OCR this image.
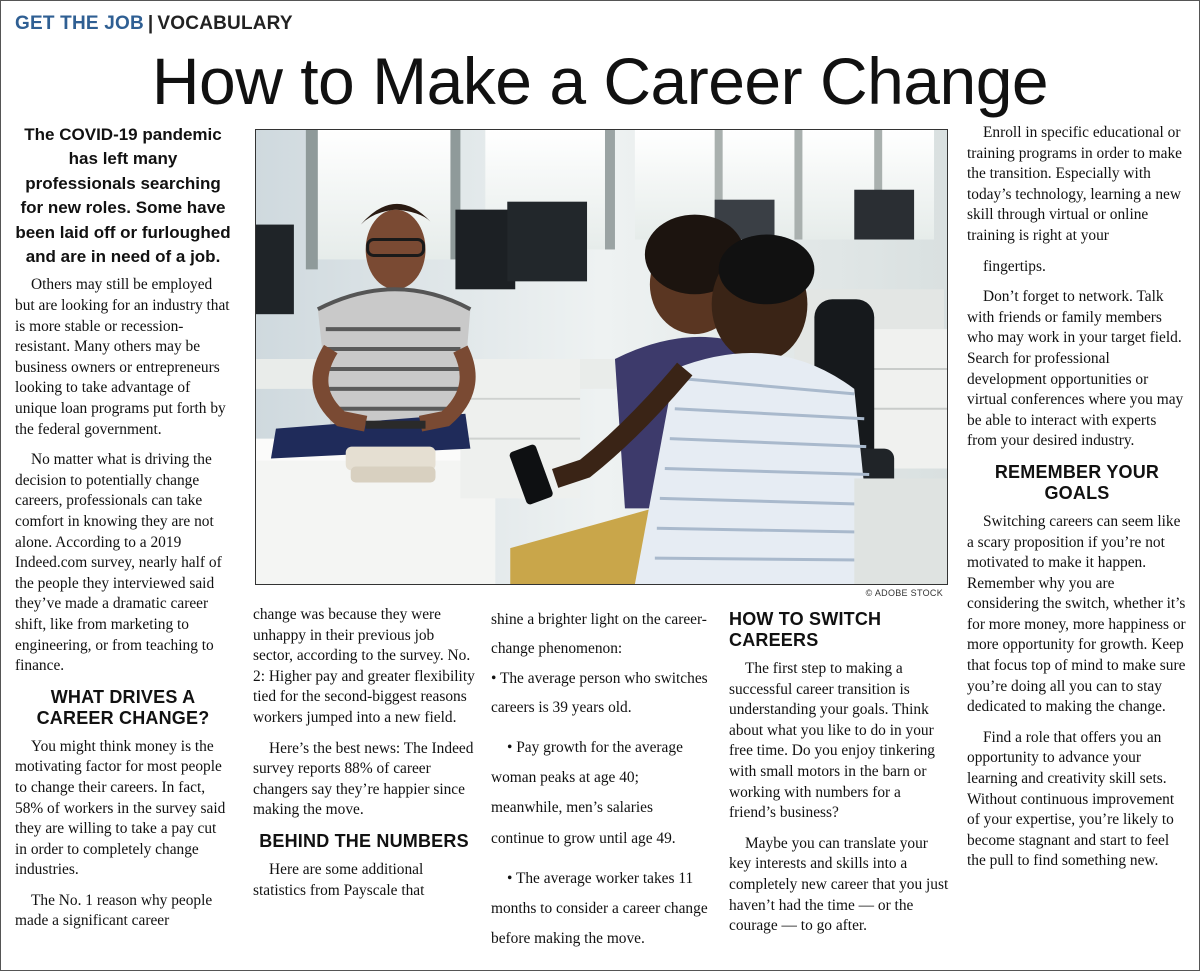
GET THE JOB | VOCABULARY
How to Make a Career Change
The COVID-19 pandemic has left many professionals searching for new roles. Some have been laid off or furloughed and are in need of a job.

Others may still be employed but are looking for an industry that is more stable or recession-resistant. Many others may be business owners or entrepreneurs looking to take advantage of unique loan programs put forth by the federal government.

No matter what is driving the decision to potentially change careers, professionals can take comfort in knowing they are not alone. According to a 2019 Indeed.com survey, nearly half of the people they interviewed said they’ve made a dramatic career shift, like from marketing to engineering, or from teaching to finance.

WHAT DRIVES A CAREER CHANGE?

You might think money is the motivating factor for most people to change their careers. In fact, 58% of workers in the survey said they are willing to take a pay cut in order to completely change industries.

The No. 1 reason why people made a significant career

© ADOBE STOCK

change was because they were unhappy in their previous job sector, according to the survey. No. 2: Higher pay and greater flexibility tied for the second-biggest reasons workers jumped into a new field.

Here’s the best news: The Indeed survey reports 88% of career changers say they’re happier since making the move.

BEHIND THE NUMBERS

Here are some additional statistics from Payscale that

shine a brighter light on the career-change phenomenon:

• The average person who switches careers is 39 years old.

• Pay growth for the average woman peaks at age 40; meanwhile, men’s salaries continue to grow until age 49.

• The average worker takes 11 months to consider a career change before making the move.

HOW TO SWITCH CAREERS

The first step to making a successful career transition is understanding your goals. Think about what you like to do in your free time. Do you enjoy tinkering with small motors in the barn or working with numbers for a friend’s business?

Maybe you can translate your key interests and skills into a completely new career that you just haven’t had the time — or the courage — to go after.

Enroll in specific educational or training programs in order to make the transition. Especially with today’s technology, learning a new skill through virtual or online training is right at your

fingertips.

Don’t forget to network. Talk with friends or family members who may work in your target field. Search for professional development opportunities or virtual conferences where you may be able to interact with experts from your desired industry.

REMEMBER YOUR GOALS

Switching careers can seem like a scary proposition if you’re not motivated to make it happen. Remember why you are considering the switch, whether it’s for more money, more happiness or more opportunity for growth. Keep that focus top of mind to make sure you’re doing all you can to stay dedicated to making the change.

Find a role that offers you an opportunity to advance your learning and creativity skill sets. Without continuous improvement of your expertise, you’re likely to become stagnant and start to feel the pull to find something new.
